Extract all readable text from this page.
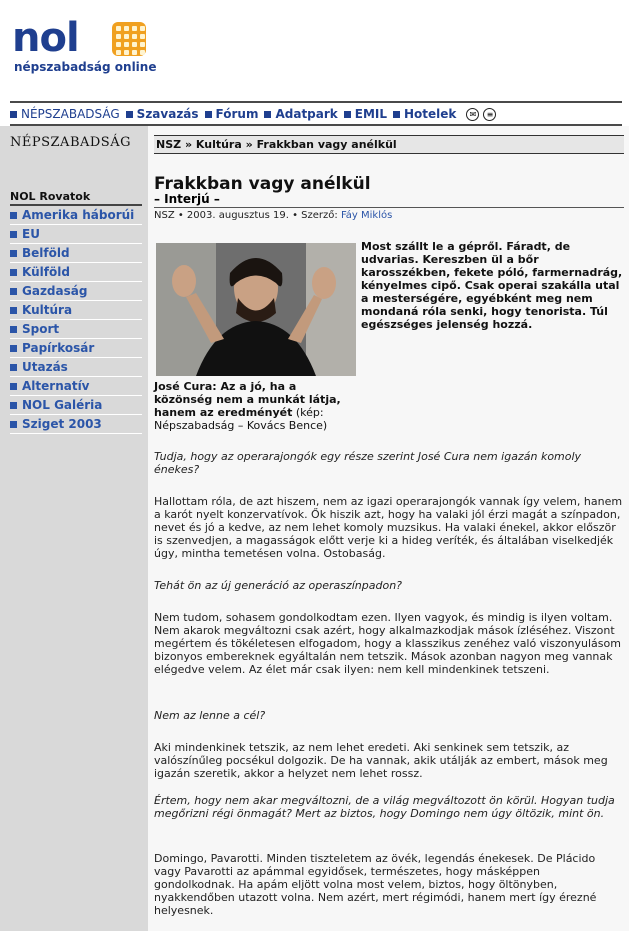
nol
népszabadság online
NÉPSZABADSÁG Szavazás Fórum Adatpark EMIL Hotelek	✉	≡
NÉPSZABADSÁG
NOL Rovatok
Amerika háborúi
EU
Belföld
Külföld
Gazdaság
Kultúra
Sport
Papírkosár
Utazás
Alternatív
NOL Galéria
Sziget 2003
NSZ » Kultúra » Frakkban vagy anélkül
Frakkban vagy anélkül
– Interjú –
NSZ • 2003. augusztus 19. • Szerző: Fáy Miklós
José Cura: Az a jó, ha a közönség nem a munkát látja, hanem az eredményét (kép: Népszabadság – Kovács Bence)
Most szállt le a gépről. Fáradt, de udvarias. Kereszben ül a bőr karosszékben, fekete póló, farmernadrág, kényelmes cipő. Csak operai szakálla utal a mesterségére, egyébként meg nem mondaná róla senki, hogy tenorista. Túl egészséges jelenség hozzá.

Tudja, hogy az operarajongók egy része szerint José Cura nem igazán komoly énekes?

Hallottam róla, de azt hiszem, nem az igazi operarajongók vannak így velem, hanem a karót nyelt konzervatívok. Ők hiszik azt, hogy ha valaki jól érzi magát a színpadon, nevet és jó a kedve, az nem lehet komoly muzsikus. Ha valaki énekel, akkor először is szenvedjen, a magasságok előtt verje ki a hideg veríték, és általában viselkedjék úgy, mintha temetésen volna. Ostobaság.

Tehát ön az új generáció az operaszínpadon?

Nem tudom, sohasem gondolkodtam ezen. Ilyen vagyok, és mindig is ilyen voltam. Nem akarok megváltozni csak azért, hogy alkalmazkodjak mások ízléséhez. Viszont megértem és tökéletesen elfogadom, hogy a klasszikus zenéhez való viszonyulásom bizonyos embereknek egyáltalán nem tetszik. Mások azonban nagyon meg vannak elégedve velem. Az élet már csak ilyen: nem kell mindenkinek tetszeni.

Nem az lenne a cél?

Aki mindenkinek tetszik, az nem lehet eredeti. Aki senkinek sem tetszik, az valószínűleg pocsékul dolgozik. De ha vannak, akik utálják az embert, mások meg igazán szeretik, akkor a helyzet nem lehet rossz.

Értem, hogy nem akar megváltozni, de a világ megváltozott ön körül. Hogyan tudja megőrizni régi önmagát? Mert az biztos, hogy Domingo nem úgy öltözik, mint ön.

Domingo, Pavarotti. Minden tiszteletem az övék, legendás énekesek. De Plácido vagy Pavarotti az apámmal egyidősek, természetes, hogy másképpen gondolkodnak. Ha apám eljött volna most velem, biztos, hogy öltönyben, nyakkendőben utazott volna. Nem azért, mert régimódi, hanem mert így érezné helyesnek.
